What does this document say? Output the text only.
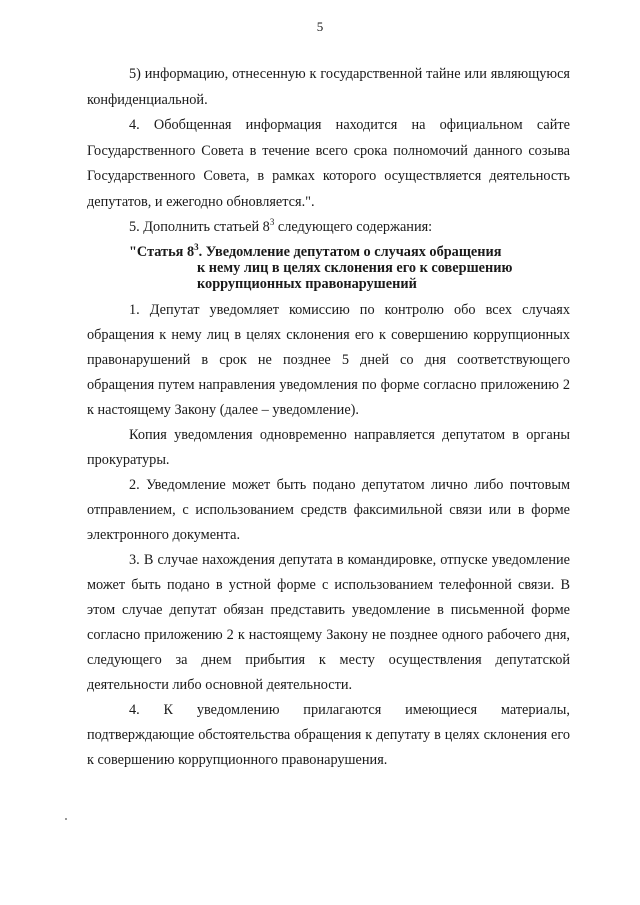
5

5) информацию, отнесенную к государственной тайне или являющуюся конфиденциальной.

4. Обобщенная информация находится на официальном сайте Государственного Совета в течение всего срока полномочий данного созыва Государственного Совета, в рамках которого осуществляется деятельность депутатов, и ежегодно обновляется.".

5. Дополнить статьей $8^3$ следующего содержания:

"Статья $8^3$. Уведомление депутатом о случаях обращения
к нему лиц в целях склонения его к совершению
коррупционных правонарушений

1. Депутат уведомляет комиссию по контролю обо всех случаях обращения к нему лиц в целях склонения его к совершению коррупционных правонарушений в срок не позднее 5 дней со дня соответствующего обращения путем направления уведомления по форме согласно приложению 2 к настоящему Закону (далее – уведомление).

Копия уведомления одновременно направляется депутатом в органы прокуратуры.

2. Уведомление может быть подано депутатом лично либо почтовым отправлением, с использованием средств факсимильной связи или в форме электронного документа.

3. В случае нахождения депутата в командировке, отпуске уведомление может быть подано в устной форме с использованием телефонной связи. В этом случае депутат обязан представить уведомление в письменной форме согласно приложению 2 к настоящему Закону не позднее одного рабочего дня, следующего за днем прибытия к месту осуществления депутатской деятельности либо основной деятельности.

4. К уведомлению прилагаются имеющиеся материалы, подтверждающие обстоятельства обращения к депутату в целях склонения его к совершению коррупционного правонарушения.
